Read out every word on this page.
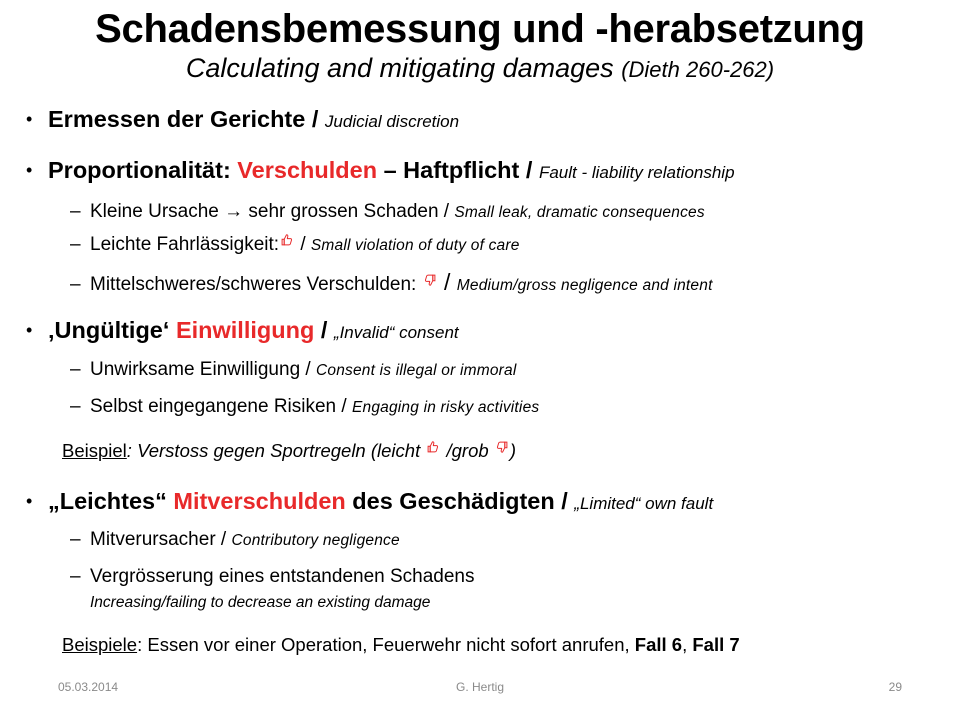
Schadensbemessung und -herabsetzung
Calculating and mitigating damages (Dieth 260-262)
• Ermessen der Gerichte / Judicial discretion
• Proportionalität: Verschulden – Haftpflicht / Fault - liability relationship
– Kleine Ursache → sehr grossen Schaden / Small leak, dramatic consequences
– Leichte Fahrlässigkeit: / Small violation of duty of care
– Mittelschweres/schweres Verschulden:  / Medium/gross negligence and intent
• ‚Ungültige‘ Einwilligung / „Invalid“ consent
– Unwirksame Einwilligung / Consent is illegal or immoral
– Selbst eingegangene Risiken / Engaging in risky activities
Beispiel: Verstoss gegen Sportregeln (leicht  /grob )
• „Leichtes“ Mitverschulden des Geschädigten / „Limited“ own fault
– Mitverursacher / Contributory negligence
– Vergrösserung eines entstandenen Schadens
Increasing/failing to decrease an existing damage
Beispiele: Essen vor einer Operation, Feuerwehr nicht sofort anrufen, Fall 6, Fall 7
05.03.2014	G. Hertig	29
